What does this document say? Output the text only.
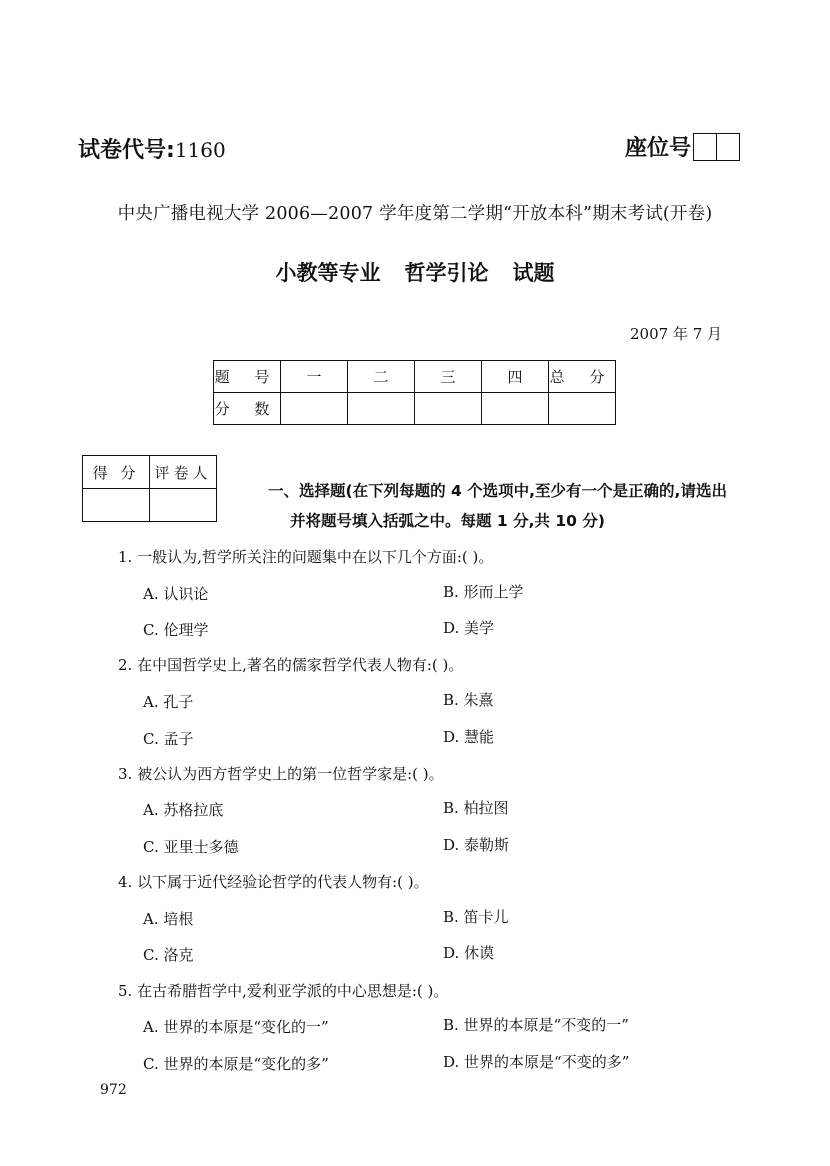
试卷代号:1160	座位号
中央广播电视大学 2006—2007 学年度第二学期“开放本科”期末考试(开卷)
小教等专业 哲学引论 试题
2007 年 7 月
题 号	一	二	三	四	总 分
分 数					
得 分	评卷人

一、选择题(在下列每题的 4 个选项中,至少有一个是正确的,请选出
并将题号填入括弧之中。每题 1 分,共 10 分)
1. 一般认为,哲学所关注的问题集中在以下几个方面:( )。
A. 认识论	B. 形而上学
C. 伦理学	D. 美学
2. 在中国哲学史上,著名的儒家哲学代表人物有:( )。
A. 孔子	B. 朱熹
C. 孟子	D. 慧能
3. 被公认为西方哲学史上的第一位哲学家是:( )。
A. 苏格拉底	B. 柏拉图
C. 亚里士多德	D. 泰勒斯
4. 以下属于近代经验论哲学的代表人物有:( )。
A. 培根	B. 笛卡儿
C. 洛克	D. 休谟
5. 在古希腊哲学中,爱利亚学派的中心思想是:( )。
A. 世界的本原是“变化的一”	B. 世界的本原是“不变的一”
C. 世界的本原是“变化的多”	D. 世界的本原是“不变的多”
972
